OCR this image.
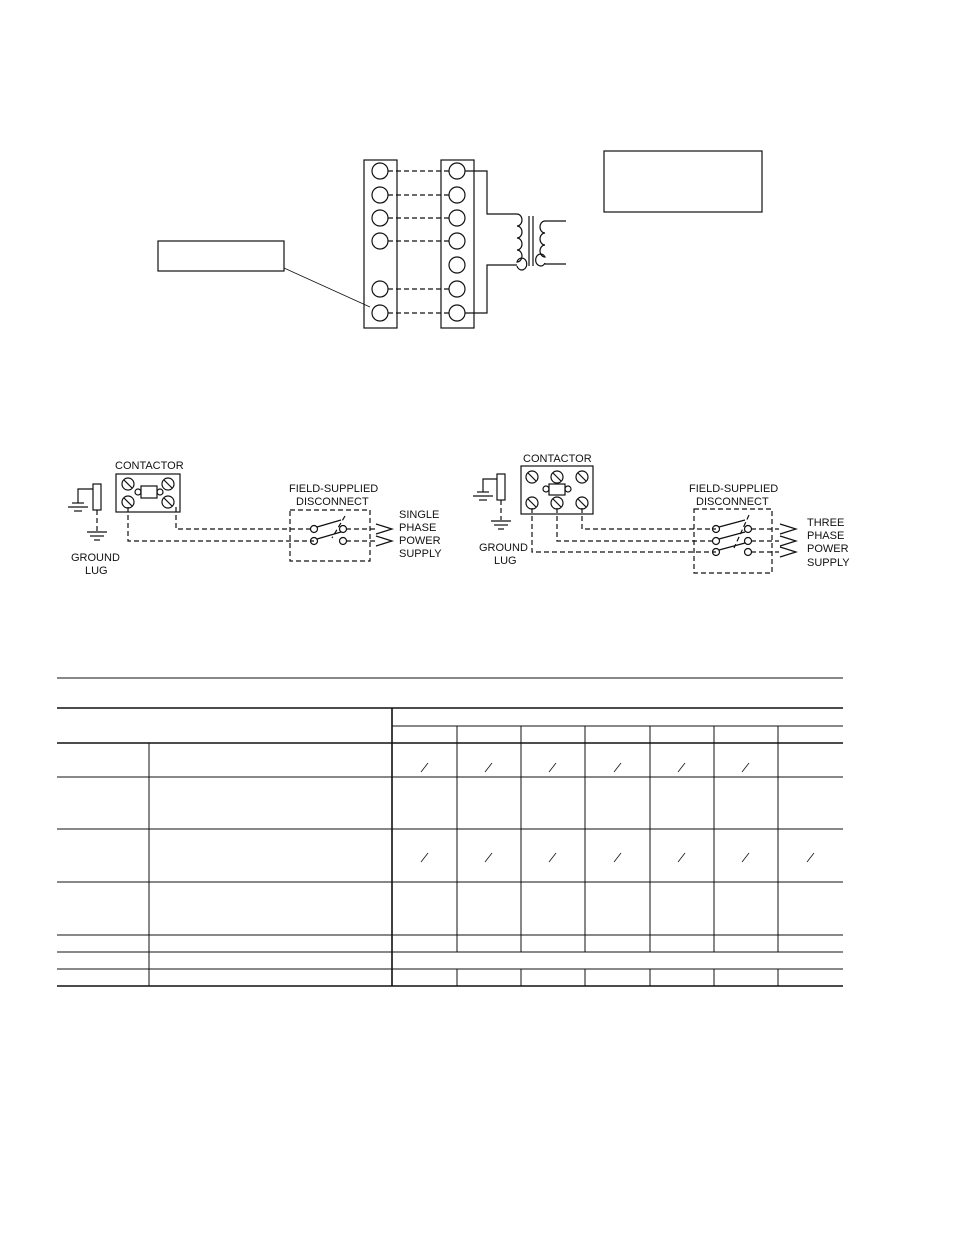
CONTACTOR
GROUND
LUG
FIELD-SUPPLIED
DISCONNECT
SINGLE
PHASE
POWER
SUPPLY
CONTACTOR
GROUND
LUG
FIELD-SUPPLIED
DISCONNECT
THREE
PHASE
POWER
SUPPLY
